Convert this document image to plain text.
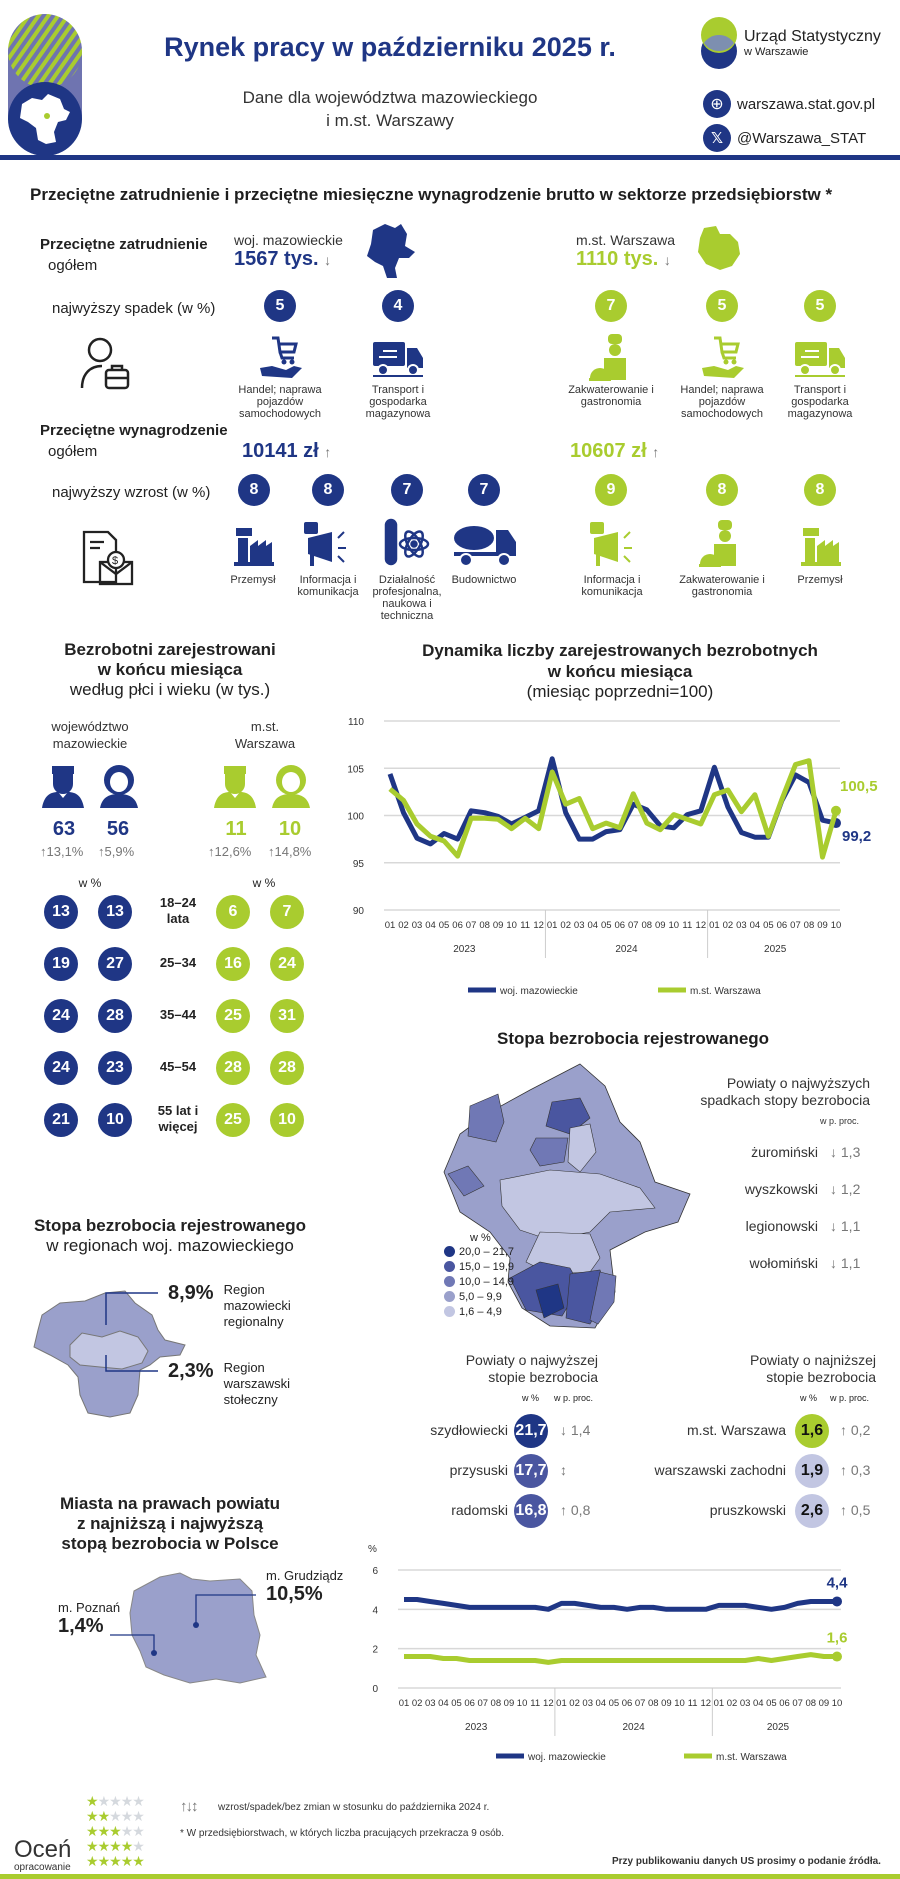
Rynek pracy w październiku 2025 r.
Dane dla województwa mazowieckiego
i m.st. Warszawy
Urząd Statystyczny
w Warszawie
⊕ warszawa.stat.gov.pl
𝕏 @Warszawa_STAT
Przeciętne zatrudnienie i przeciętne miesięczne wynagrodzenie brutto w sektorze przedsiębiorstw *
Przeciętne zatrudnienie
ogółem
najwyższy spadek (w %)
woj. mazowieckie
1567 tys. ↓
m.st. Warszawa
1110 tys. ↓
5
Handel; naprawa pojazdów samochodowych
4
Transport i gospodarka magazynowa
7
Zakwaterowanie i gastronomia
5
Handel; naprawa pojazdów samochodowych
5
Transport i gospodarka magazynowa
Przeciętne wynagrodzenie
ogółem	10141 zł ↑	10607 zł ↑
najwyższy wzrost (w %)
$
8
Przemysł
8
Informacja i komunikacja
7
Działalność profesjonalna, naukowa i techniczna
7
Budownictwo
9
Informacja i komunikacja
8
Zakwaterowanie i gastronomia
8
Przemysł
Bezrobotni zarejestrowani
w końcu miesiąca
według płci i wieku (w tys.)
województwo mazowieckie
m.st. Warszawa
63	56	11	10
↑13,1% ↑5,9%	↑12,6% ↑14,8%
w %	w %
13	13	6	7
18–24 lata
19	27	16	24
25–34
24	28	25	31
35–44
24	23	28	28
45–54
21	10	25	10
55 lat i więcej
Dynamika liczby zarejestrowanych bezrobotnych
w końcu miesiąca
(miesiąc poprzedni=100)
90
95
100
105
110
01 02 03 04 05 06 07 08 09 10 11 12 01 02 03 04 05 06 07 08 09 10 11 12 01 02 03 04 05 06 07 08 09 10
2023	2024	2025
99,2
woj. mazowieckie
100,5
m.st. Warszawa
Stopa bezrobocia rejestrowanego
w regionach woj. mazowieckiego
8,9% Region mazowiecki regionalny
2,3% Region warszawski stołeczny
Miasta na prawach powiatu
z najniższą i najwyższą
stopą bezrobocia w Polsce
m. Poznań
1,4%
m. Grudziądz
10,5%
Stopa bezrobocia rejestrowanego
w %
20,0 – 21,7
15,0 – 19,9
10,0 – 14,9
5,0 – 9,9
1,6 – 4,9
Powiaty o najwyższych
spadkach stopy bezrobocia
w p. proc.
żuromiński ↓ 1,3
wyszkowski ↓ 1,2
legionowski ↓ 1,1
wołomiński ↓ 1,1
Powiaty o najwyższej
stopie bezrobocia
w % w p. proc.
Powiaty o najniższej
stopie bezrobocia
w % w p. proc.
szydłowiecki 21,7 ↓ 1,4
przysuski 17,7 ↕
radomski 16,8 ↑ 0,8
m.st. Warszawa 1,6	↑ 0,2
warszawski zachodni 1,9	↑ 0,3
pruszkowski 2,6	↑ 0,5
0
2
4
6
%
01 02 03 04 05 06 07 08 09 10 11 12 01 02 03 04 05 06 07 08 09 10 11 12 01 02 03 04 05 06 07 08 09 10
2023	2024	2025
4,4
woj. mazowieckie
1,6
m.st. Warszawa
Oceń
opracowanie
★★★★★
★★★★★
★★★★★
★★★★★
★★★★★
↑↓↕ wzrost/spadek/bez zmian w stosunku do października 2024 r.
* W przedsiębiorstwach, w których liczba pracujących przekracza 9 osób.
Przy publikowaniu danych US prosimy o podanie źródła.
